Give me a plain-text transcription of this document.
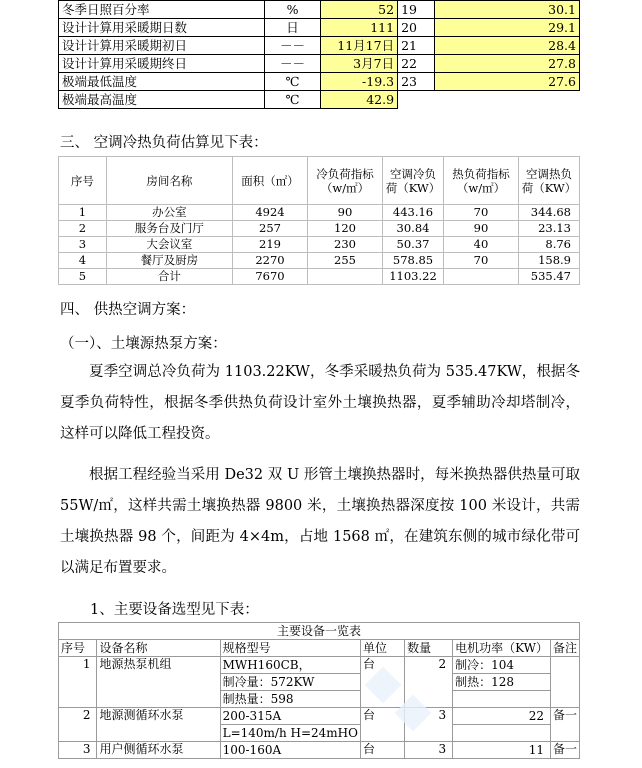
冬季日照百分率	%	52	19	30.1
设计计算用采暖期日数	日	111	20	29.1
设计计算用采暖期初日	－－	11月17日	21	28.4
设计计算用采暖期终日	－－	3月7日	22	27.8
极端最低温度	℃	-19.3	23	27.6
极端最高温度	℃	42.9		
三、 空调冷热负荷估算见下表：
序号	房间名称	面积（㎡）	冷负荷指标（w/㎡）	空调冷负荷（KW）	热负荷指标（w/㎡）	空调热负荷（KW）
1	办公室	4924	90	443.16	70	344.68
2	服务台及门厅	257	120	30.84	90	23.13
3	大会议室	219	230	50.37	40	8.76
4	餐厅及厨房	2270	255	578.85	70	158.9
5	合计	7670		1103.22		535.47
四、 供热空调方案：
（一）、土壤源热泵方案：
夏季空调总冷负荷为 1103.22KW，冬季采暖热负荷为 535.47KW，根据冬夏季负荷特性，根据冬季供热负荷设计室外土壤换热器，夏季辅助冷却塔制冷，这样可以降低工程投资。
根据工程经验当采用 De32 双 U 形管土壤换热器时，每米换热器供热量可取 55W/㎡，这样共需土壤换热器 9800 米，土壤换热器深度按 100 米设计，共需土壤换热器 98 个，间距为 4×4m，占地 1568 ㎡，在建筑东侧的城市绿化带可以满足布置要求。
1、主要设备选型见下表：
主要设备一览表						
序号	设备名称	规格型号	单位	数量	电机功率（KW）	备注
1	地源热泵机组	MWH160CB，	台	2	制冷：104	
		制冷量：572KW			制热：128	
		制热量：598				
2	地源测循环水泵	200-315A	台	3	22	备一
		L=140m/h H=24mHO				
3	用户侧循环水泵	100-160A	台	3	11	备一
